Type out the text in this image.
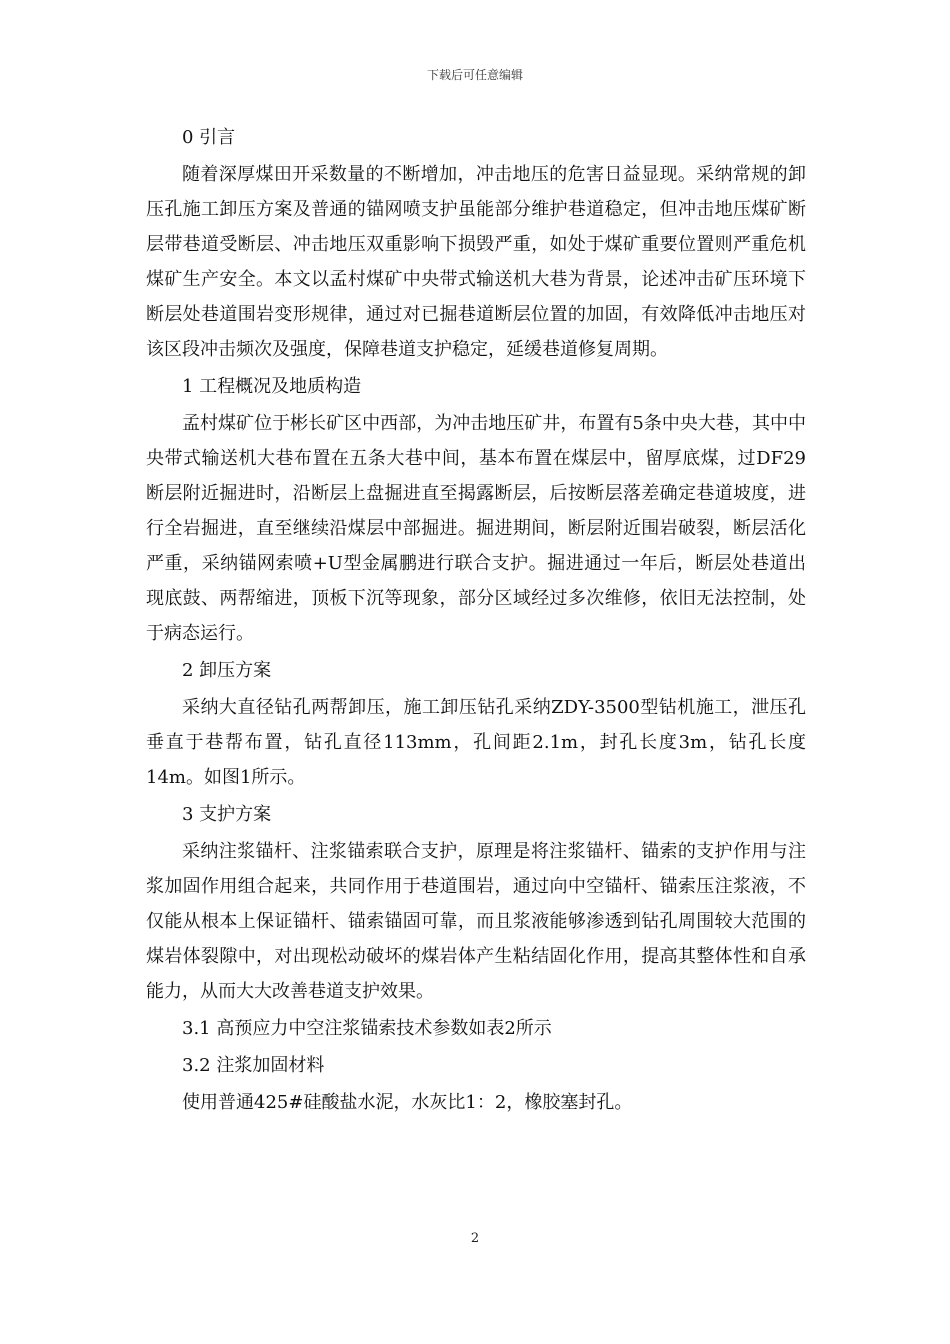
下载后可任意编辑

0 引言

随着深厚煤田开采数量的不断增加，冲击地压的危害日益显现。采纳常规的卸压孔施工卸压方案及普通的锚网喷支护虽能部分维护巷道稳定，但冲击地压煤矿断层带巷道受断层、冲击地压双重影响下损毁严重，如处于煤矿重要位置则严重危机煤矿生产安全。本文以孟村煤矿中央带式输送机大巷为背景，论述冲击矿压环境下断层处巷道围岩变形规律，通过对已掘巷道断层位置的加固，有效降低冲击地压对该区段冲击频次及强度，保障巷道支护稳定，延缓巷道修复周期。

1 工程概况及地质构造

孟村煤矿位于彬长矿区中西部，为冲击地压矿井，布置有5条中央大巷，其中中央带式输送机大巷布置在五条大巷中间，基本布置在煤层中，留厚底煤，过DF29断层附近掘进时，沿断层上盘掘进直至揭露断层，后按断层落差确定巷道坡度，进行全岩掘进，直至继续沿煤层中部掘进。掘进期间，断层附近围岩破裂，断层活化严重，采纳锚网索喷+U型金属鹏进行联合支护。掘进通过一年后，断层处巷道出现底鼓、两帮缩进，顶板下沉等现象，部分区域经过多次维修，依旧无法控制，处于病态运行。

2 卸压方案

采纳大直径钻孔两帮卸压，施工卸压钻孔采纳ZDY-3500型钻机施工，泄压孔垂直于巷帮布置，钻孔直径113mm，孔间距2.1m，封孔长度3m，钻孔长度14m。如图1所示。

3 支护方案

采纳注浆锚杆、注浆锚索联合支护，原理是将注浆锚杆、锚索的支护作用与注浆加固作用组合起来，共同作用于巷道围岩，通过向中空锚杆、锚索压注浆液，不仅能从根本上保证锚杆、锚索锚固可靠，而且浆液能够渗透到钻孔周围较大范围的煤岩体裂隙中，对出现松动破坏的煤岩体产生粘结固化作用，提高其整体性和自承能力，从而大大改善巷道支护效果。

3.1 高预应力中空注浆锚索技术参数如表2所示

3.2 注浆加固材料

使用普通425#硅酸盐水泥，水灰比1：2，橡胶塞封孔。

2
